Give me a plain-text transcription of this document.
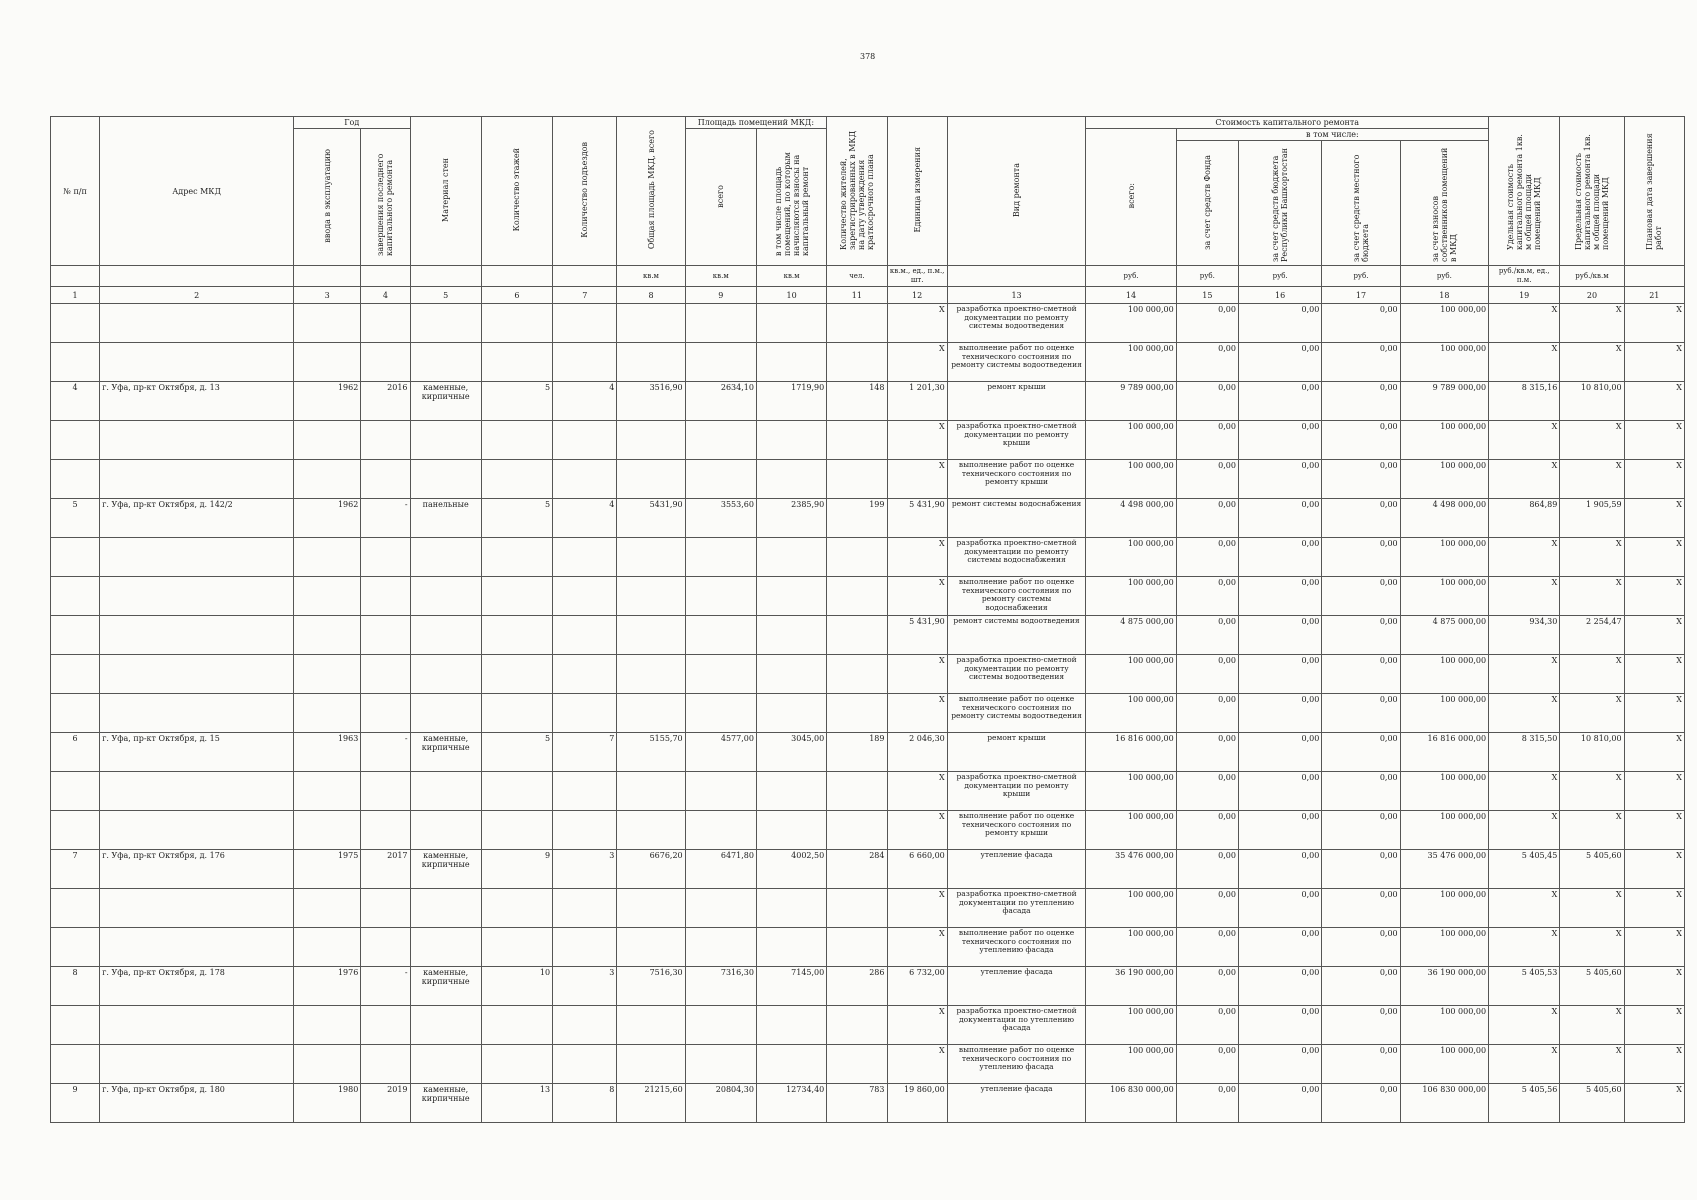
378
№ п/п	Адрес МКД	Год		Материал стен	Количество этажей	Количество подъездов	Общая площадь МКД, всего	Площадь помещений МКД:		Количество жителей, зарегистрированных в МКД на дату утверждения краткосрочного плана	Единица измерения	Вид ремонта	Стоимость капитального ремонта					Удельная стоимость капитального ремонта 1кв. м общей площади помещений МКД	Предельная стоимость капитального ремонта 1кв. м общей площади помещений МКД	Плановая дата завершения работ
		ввода в эксплуатацию	завершения последнего капитального ремонта					всего	в том числе площадь помещений, по которым начисляются взносы на капитальный ремонт				всего:	в том числе:						
														за счет средств Фонда	за счет средств бюджета Республики Башкортостан	за счет средств местного бюджета	за счет взносов собственников помещений в МКД			
							кв.м	кв.м	кв.м	чел.	кв.м., ед., п.м., шт.		руб.	руб.	руб.	руб.	руб.	руб./кв.м, ед., п.м.	руб./кв.м	
1	2	3	4	5	6	7	8	9	10	11	12	13	14	15	16	17	18	19	20	21
											X	разработка проектно-сметной документации по ремонту системы водоотведения	100 000,00	0,00	0,00	0,00	100 000,00	X	X	X
											X	выполнение работ по оценке технического состояния по ремонту системы водоотведения	100 000,00	0,00	0,00	0,00	100 000,00	X	X	X
4	г. Уфа, пр-кт Октября, д. 13	1962	2016	каменные, кирпичные	5	4	3516,90	2634,10	1719,90	148	1 201,30	ремонт крыши	9 789 000,00	0,00	0,00	0,00	9 789 000,00	8 315,16	10 810,00	X
											X	разработка проектно-сметной документации по ремонту крыши	100 000,00	0,00	0,00	0,00	100 000,00	X	X	X
											X	выполнение работ по оценке технического состояния по ремонту крыши	100 000,00	0,00	0,00	0,00	100 000,00	X	X	X
5	г. Уфа, пр-кт Октября, д. 142/2	1962	-	панельные	5	4	5431,90	3553,60	2385,90	199	5 431,90	ремонт системы водоснабжения	4 498 000,00	0,00	0,00	0,00	4 498 000,00	864,89	1 905,59	X
											X	разработка проектно-сметной документации по ремонту системы водоснабжения	100 000,00	0,00	0,00	0,00	100 000,00	X	X	X
											X	выполнение работ по оценке технического состояния по ремонту системы водоснабжения	100 000,00	0,00	0,00	0,00	100 000,00	X	X	X
											5 431,90	ремонт системы водоотведения	4 875 000,00	0,00	0,00	0,00	4 875 000,00	934,30	2 254,47	X
											X	разработка проектно-сметной документации по ремонту системы водоотведения	100 000,00	0,00	0,00	0,00	100 000,00	X	X	X
											X	выполнение работ по оценке технического состояния по ремонту системы водоотведения	100 000,00	0,00	0,00	0,00	100 000,00	X	X	X
6	г. Уфа, пр-кт Октября, д. 15	1963	-	каменные, кирпичные	5	7	5155,70	4577,00	3045,00	189	2 046,30	ремонт крыши	16 816 000,00	0,00	0,00	0,00	16 816 000,00	8 315,50	10 810,00	X
											X	разработка проектно-сметной документации по ремонту крыши	100 000,00	0,00	0,00	0,00	100 000,00	X	X	X
											X	выполнение работ по оценке технического состояния по ремонту крыши	100 000,00	0,00	0,00	0,00	100 000,00	X	X	X
7	г. Уфа, пр-кт Октября, д. 176	1975	2017	каменные, кирпичные	9	3	6676,20	6471,80	4002,50	284	6 660,00	утепление фасада	35 476 000,00	0,00	0,00	0,00	35 476 000,00	5 405,45	5 405,60	X
											X	разработка проектно-сметной документации по утеплению фасада	100 000,00	0,00	0,00	0,00	100 000,00	X	X	X
											X	выполнение работ по оценке технического состояния по утеплению фасада	100 000,00	0,00	0,00	0,00	100 000,00	X	X	X
8	г. Уфа, пр-кт Октября, д. 178	1976	-	каменные, кирпичные	10	3	7516,30	7316,30	7145,00	286	6 732,00	утепление фасада	36 190 000,00	0,00	0,00	0,00	36 190 000,00	5 405,53	5 405,60	X
											X	разработка проектно-сметной документации по утеплению фасада	100 000,00	0,00	0,00	0,00	100 000,00	X	X	X
											X	выполнение работ по оценке технического состояния по утеплению фасада	100 000,00	0,00	0,00	0,00	100 000,00	X	X	X
9	г. Уфа, пр-кт Октября, д. 180	1980	2019	каменные, кирпичные	13	8	21215,60	20804,30	12734,40	783	19 860,00	утепление фасада	106 830 000,00	0,00	0,00	0,00	106 830 000,00	5 405,56	5 405,60	X
